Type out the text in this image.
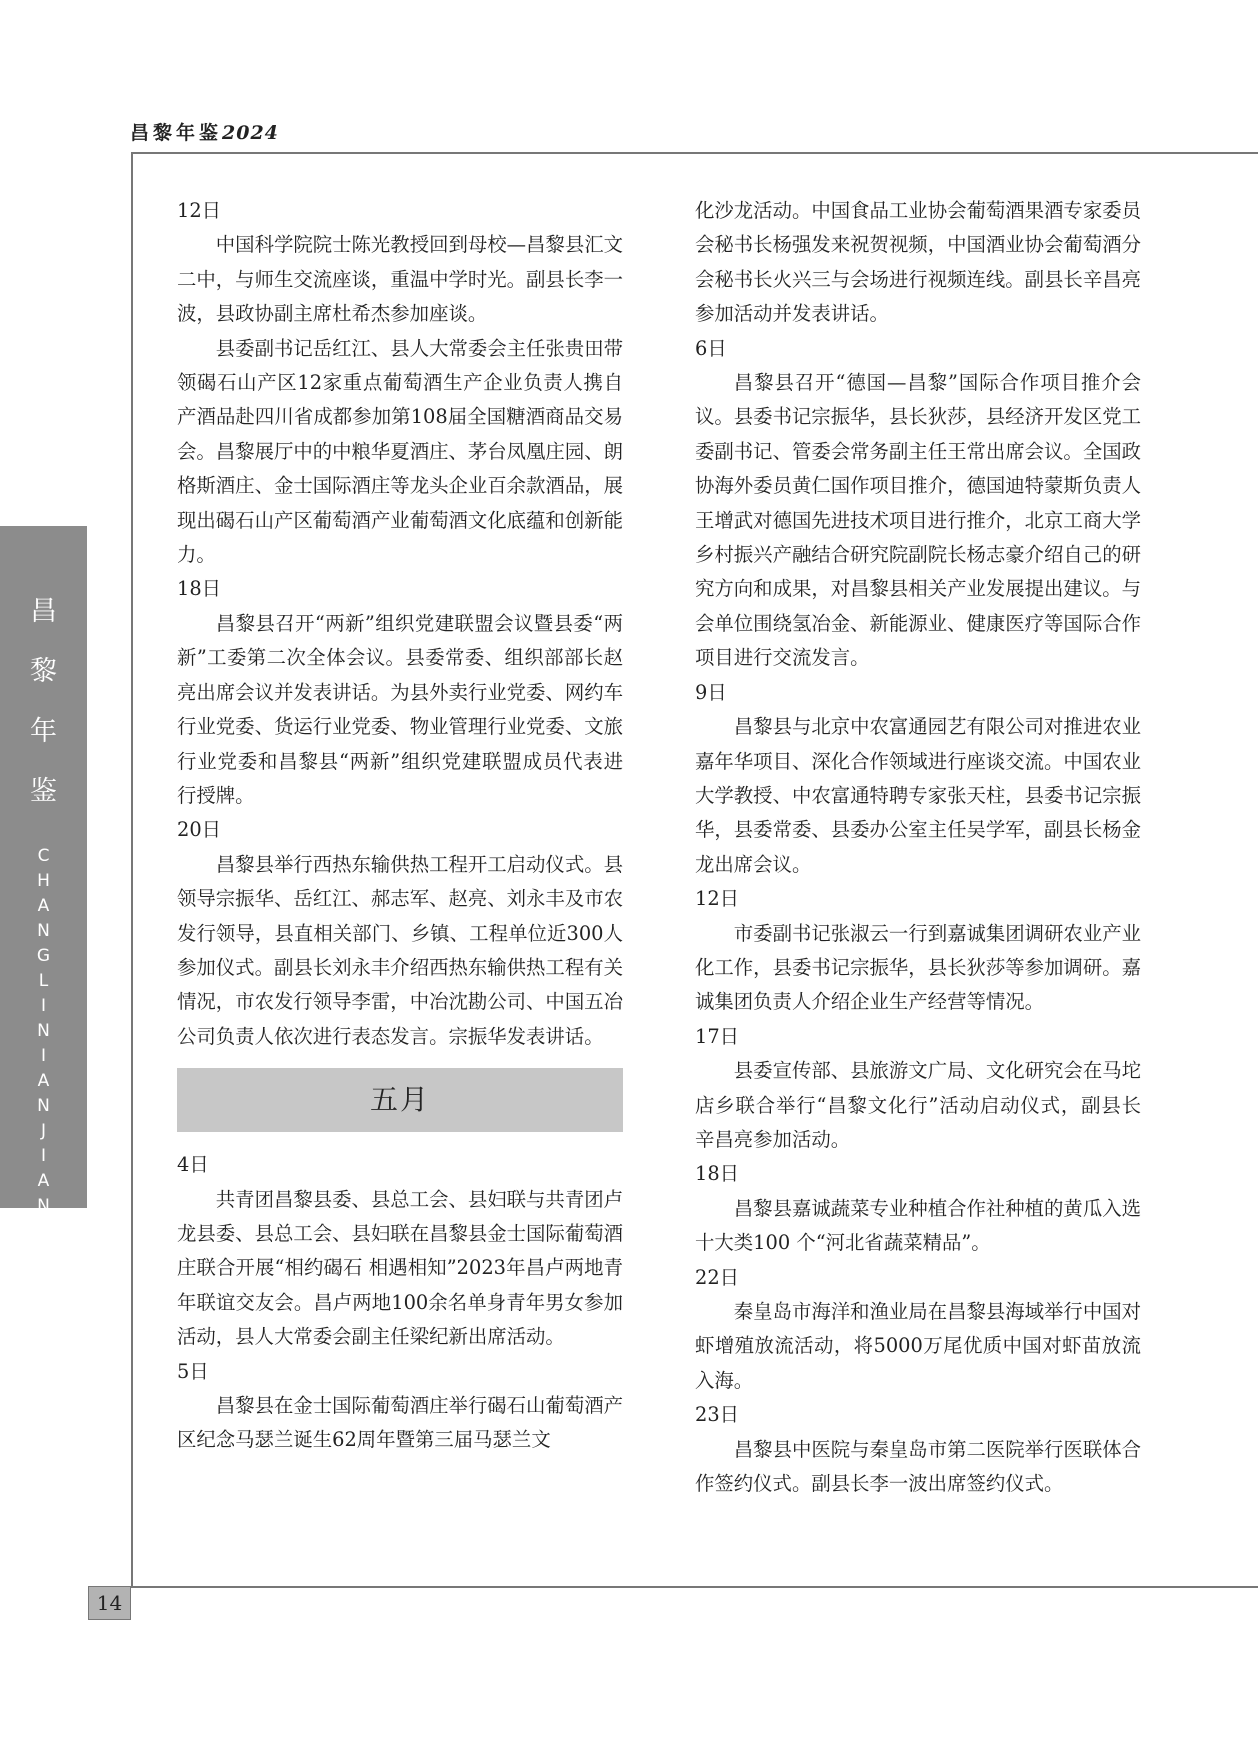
昌黎年鉴2024
昌
黎
年
鉴
C
H
A
N
G
L
I
N
I
A
N
J
I
A
N

12日

中国科学院院士陈光教授回到母校—昌黎县汇文二中，与师生交流座谈，重温中学时光。副县长李一波，县政协副主席杜希杰参加座谈。

县委副书记岳红江、县人大常委会主任张贵田带领碣石山产区12家重点葡萄酒生产企业负责人携自产酒品赴四川省成都参加第108届全国糖酒商品交易会。昌黎展厅中的中粮华夏酒庄、茅台凤凰庄园、朗格斯酒庄、金士国际酒庄等龙头企业百余款酒品，展现出碣石山产区葡萄酒产业葡萄酒文化底蕴和创新能力。

18日

昌黎县召开“两新”组织党建联盟会议暨县委“两新”工委第二次全体会议。县委常委、组织部部长赵亮出席会议并发表讲话。为县外卖行业党委、网约车行业党委、货运行业党委、物业管理行业党委、文旅行业党委和昌黎县“两新”组织党建联盟成员代表进行授牌。

20日

昌黎县举行西热东输供热工程开工启动仪式。县领导宗振华、岳红江、郝志军、赵亮、刘永丰及市农发行领导，县直相关部门、乡镇、工程单位近300人参加仪式。副县长刘永丰介绍西热东输供热工程有关情况，市农发行领导李雷，中冶沈勘公司、中国五冶公司负责人依次进行表态发言。宗振华发表讲话。

五月

4日

共青团昌黎县委、县总工会、县妇联与共青团卢龙县委、县总工会、县妇联在昌黎县金士国际葡萄酒庄联合开展“相约碣石 相遇相知”2023年昌卢两地青年联谊交友会。昌卢两地100余名单身青年男女参加活动，县人大常委会副主任梁纪新出席活动。

5日

昌黎县在金士国际葡萄酒庄举行碣石山葡萄酒产区纪念马瑟兰诞生62周年暨第三届马瑟兰文

化沙龙活动。中国食品工业协会葡萄酒果酒专家委员会秘书长杨强发来祝贺视频，中国酒业协会葡萄酒分会秘书长火兴三与会场进行视频连线。副县长辛昌亮参加活动并发表讲话。

6日

昌黎县召开“德国—昌黎”国际合作项目推介会议。县委书记宗振华，县长狄莎，县经济开发区党工委副书记、管委会常务副主任王常出席会议。全国政协海外委员黄仁国作项目推介，德国迪特蒙斯负责人王增武对德国先进技术项目进行推介，北京工商大学乡村振兴产融结合研究院副院长杨志豪介绍自己的研究方向和成果，对昌黎县相关产业发展提出建议。与会单位围绕氢冶金、新能源业、健康医疗等国际合作项目进行交流发言。

9日

昌黎县与北京中农富通园艺有限公司对推进农业嘉年华项目、深化合作领域进行座谈交流。中国农业大学教授、中农富通特聘专家张天柱，县委书记宗振华，县委常委、县委办公室主任吴学军，副县长杨金龙出席会议。

12日

市委副书记张淑云一行到嘉诚集团调研农业产业化工作，县委书记宗振华，县长狄莎等参加调研。嘉诚集团负责人介绍企业生产经营等情况。

17日

县委宣传部、县旅游文广局、文化研究会在马坨店乡联合举行“昌黎文化行”活动启动仪式，副县长辛昌亮参加活动。

18日

昌黎县嘉诚蔬菜专业种植合作社种植的黄瓜入选十大类100 个“河北省蔬菜精品”。

22日

秦皇岛市海洋和渔业局在昌黎县海域举行中国对虾增殖放流活动，将5000万尾优质中国对虾苗放流入海。

23日

昌黎县中医院与秦皇岛市第二医院举行医联体合作签约仪式。副县长李一波出席签约仪式。

14
